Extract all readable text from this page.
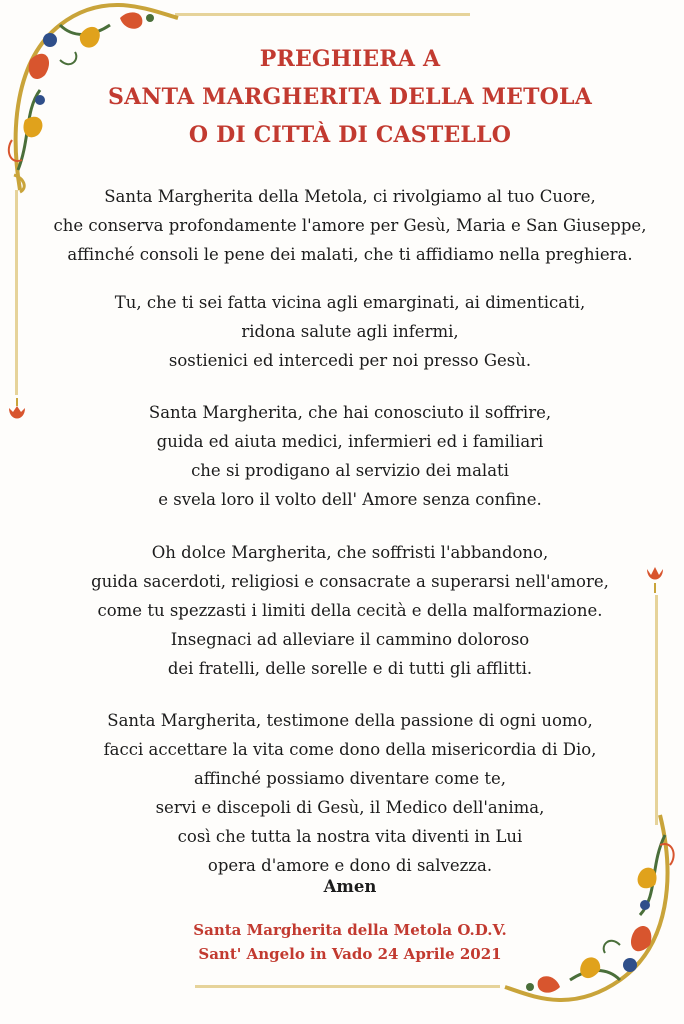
PREGHIERA A
SANTA MARGHERITA DELLA METOLA
O DI CITTÀ DI CASTELLO
Santa Margherita della Metola, ci rivolgiamo al tuo Cuore,
che conserva profondamente l'amore per Gesù, Maria e San Giuseppe,
affinché consoli le pene dei malati, che ti affidiamo nella preghiera.
Tu, che ti sei fatta vicina agli emarginati, ai dimenticati,
ridona salute agli infermi,
sostienici ed intercedi per noi presso Gesù.
Santa Margherita, che hai conosciuto il soffrire,
guida ed aiuta medici, infermieri ed i familiari
che si prodigano al servizio dei malati
e svela loro il volto dell' Amore senza confine.
Oh dolce Margherita, che soffristi l'abbandono,
guida sacerdoti, religiosi e consacrate a superarsi nell'amore,
come tu spezzasti i limiti della cecità e della malformazione.
Insegnaci ad alleviare il cammino doloroso
dei fratelli, delle sorelle e di tutti gli afflitti.
Santa Margherita, testimone della passione di ogni uomo,
facci accettare la vita come dono della misericordia di Dio,
affinché possiamo diventare come te,
servi e discepoli di Gesù, il Medico dell'anima,
così che tutta la nostra vita diventi in Lui
opera d'amore e dono di salvezza.
Amen
Santa Margherita della Metola O.D.V.
Sant' Angelo in Vado 24 Aprile 2021
